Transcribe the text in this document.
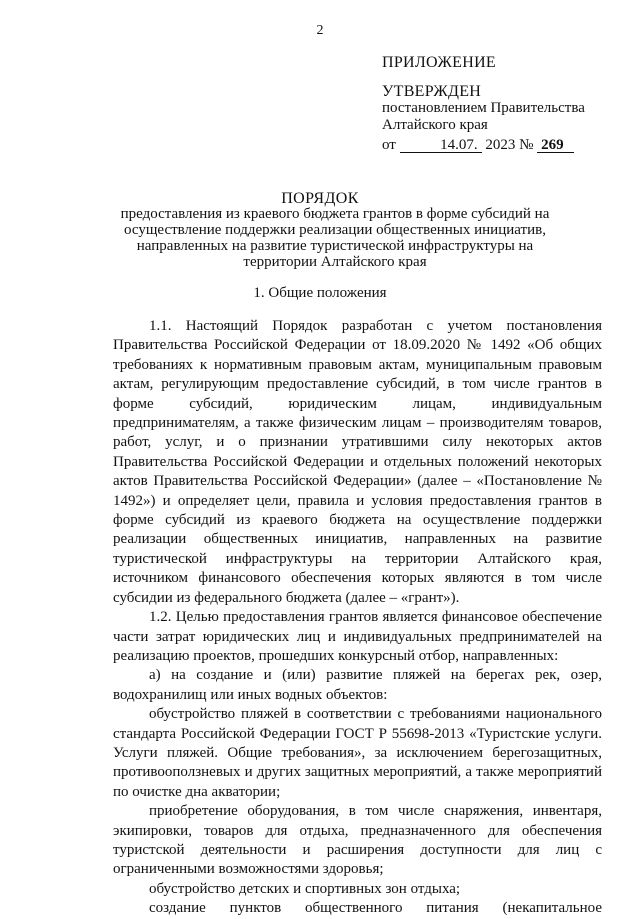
2
ПРИЛОЖЕНИЕ
УТВЕРЖДЕН
постановлением Правительства
Алтайского края
от	14.07. 2023 № 269
ПОРЯДОК
предоставления из краевого бюджета грантов в форме субсидий на осуществление поддержки реализации общественных инициатив, направленных на развитие туристической инфраструктуры на территории Алтайского края
1. Общие положения

1.1. Настоящий Порядок разработан с учетом постановления Правительства Российской Федерации от 18.09.2020 № 1492 «Об общих требованиях к нормативным правовым актам, муниципальным правовым актам, регулирующим предоставление субсидий, в том числе грантов в форме субсидий, юридическим лицам, индивидуальным предпринимателям, а также физическим лицам – производителям товаров, работ, услуг, и о признании утратившими силу некоторых актов Правительства Российской Федерации и отдельных положений некоторых актов Правительства Российской Федерации» (далее – «Постановление № 1492») и определяет цели, правила и условия предоставления грантов в форме субсидий из краевого бюджета на осуществление поддержки реализации общественных инициатив, направленных на развитие туристической инфраструктуры на территории Алтайского края, источником финансового обеспечения которых являются в том числе субсидии из федерального бюджета (далее – «грант»).

1.2. Целью предоставления грантов является финансовое обеспечение части затрат юридических лиц и индивидуальных предпринимателей на реализацию проектов, прошедших конкурсный отбор, направленных:

а) на создание и (или) развитие пляжей на берегах рек, озер, водохранилищ или иных водных объектов:

обустройство пляжей в соответствии с требованиями национального стандарта Российской Федерации ГОСТ Р 55698-2013 «Туристские услуги. Услуги пляжей. Общие требования», за исключением берегозащитных, противооползневых и других защитных мероприятий, а также мероприятий по очистке дна акватории;

приобретение оборудования, в том числе снаряжения, инвентаря, экипировки, товаров для отдыха, предназначенного для обеспечения туристской деятельности и расширения доступности для лиц с ограниченными возможностями здоровья;

обустройство детских и спортивных зон отдыха;

создание пунктов общественного питания (некапитальное
